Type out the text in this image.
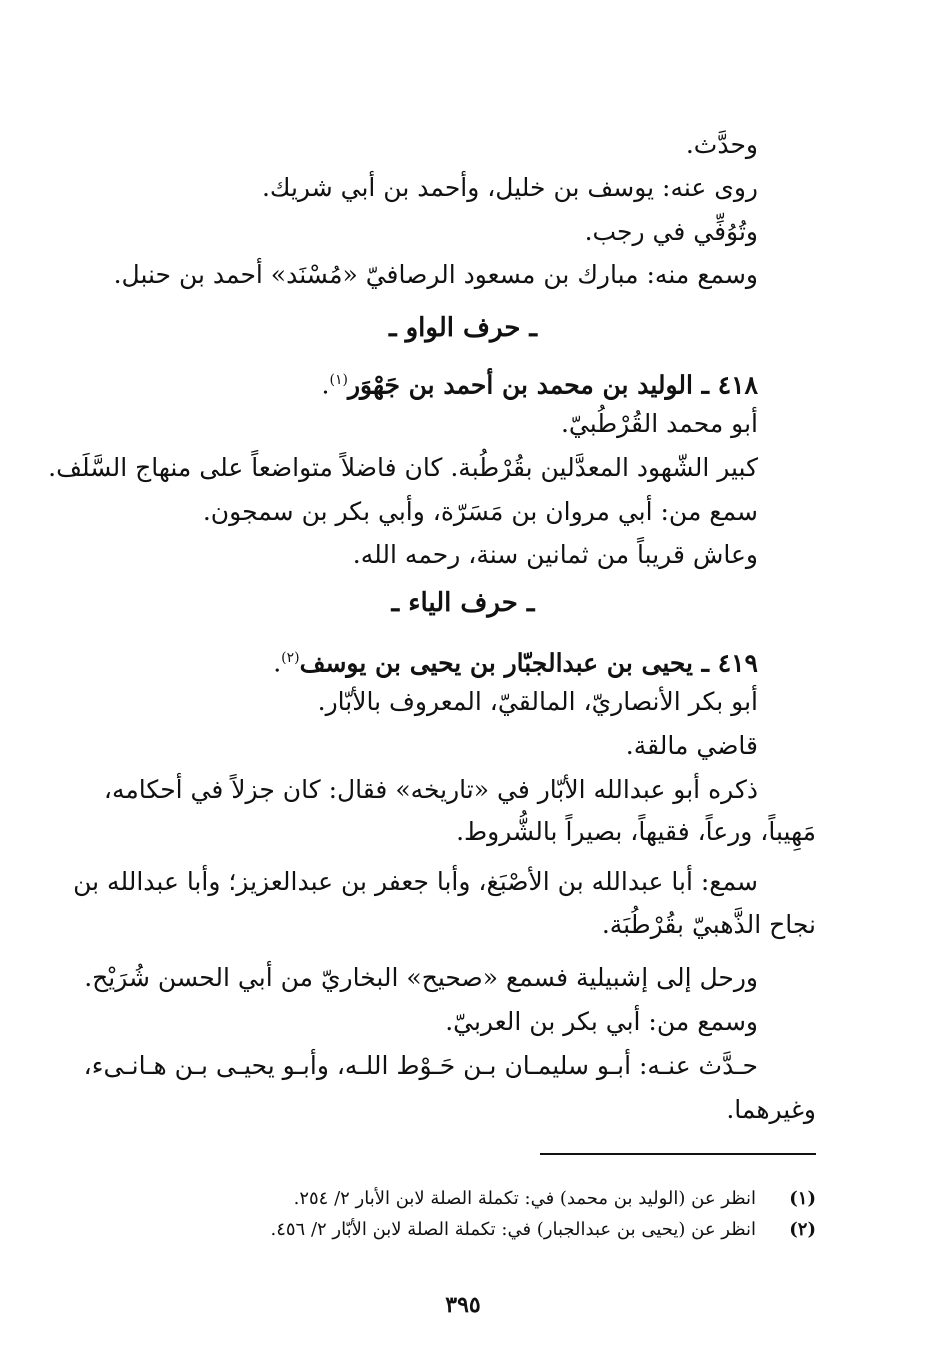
وحدَّث.
روى عنه: يوسف بن خليل، وأحمد بن أبي شريك.
وتُوُفِّي في رجب.
وسمع منه: مبارك بن مسعود الرصافيّ «مُسْنَد» أحمد بن حنبل.
ـ حرف الواو ـ
٤١٨ ـ الوليد بن محمد بن أحمد بن جَهْوَر$^{(١)}$.
أبو محمد القُرْطُبيّ.
كبير الشّهود المعدَّلين بقُرْطُبة. كان فاضلاً متواضعاً على منهاج السَّلَف.
سمع من: أبي مروان بن مَسَرّة، وأبي بكر بن سمجون.
وعاش قريباً من ثمانين سنة، رحمه الله.
ـ حرف الياء ـ
٤١٩ ـ يحيى بن عبدالجبّار بن يحيى بن يوسف$^{(٢)}$.
أبو بكر الأنصاريّ، المالقيّ، المعروف بالأبّار.
قاضي مالقة.
ذكره أبو عبدالله الأبّار في «تاريخه» فقال: كان جزلاً في أحكامه،
مَهِيباً، ورعاً، فقيهاً، بصيراً بالشُّروط.
سمع: أبا عبدالله بن الأصْبَغ، وأبا جعفر بن عبدالعزيز؛ وأبا عبدالله بن
نجاح الذَّهبيّ بقُرْطُبَة.
ورحل إلى إشبيلية فسمع «صحيح» البخاريّ من أبي الحسن شُرَيْح.
وسمع من: أبي بكر بن العربيّ.
حـدَّث عنـه: أبـو سليمـان بـن حَـوْط اللـه، وأبـو يحيـى بـن هـانـىء،
وغيرهما.
(١)
انظر عن (الوليد بن محمد) في: تكملة الصلة لابن الأبار ٢/ ٢٥٤.
(٢)
انظر عن (يحيى بن عبدالجبار) في: تكملة الصلة لابن الأبّار ٢/ ٤٥٦.
٣٩٥
